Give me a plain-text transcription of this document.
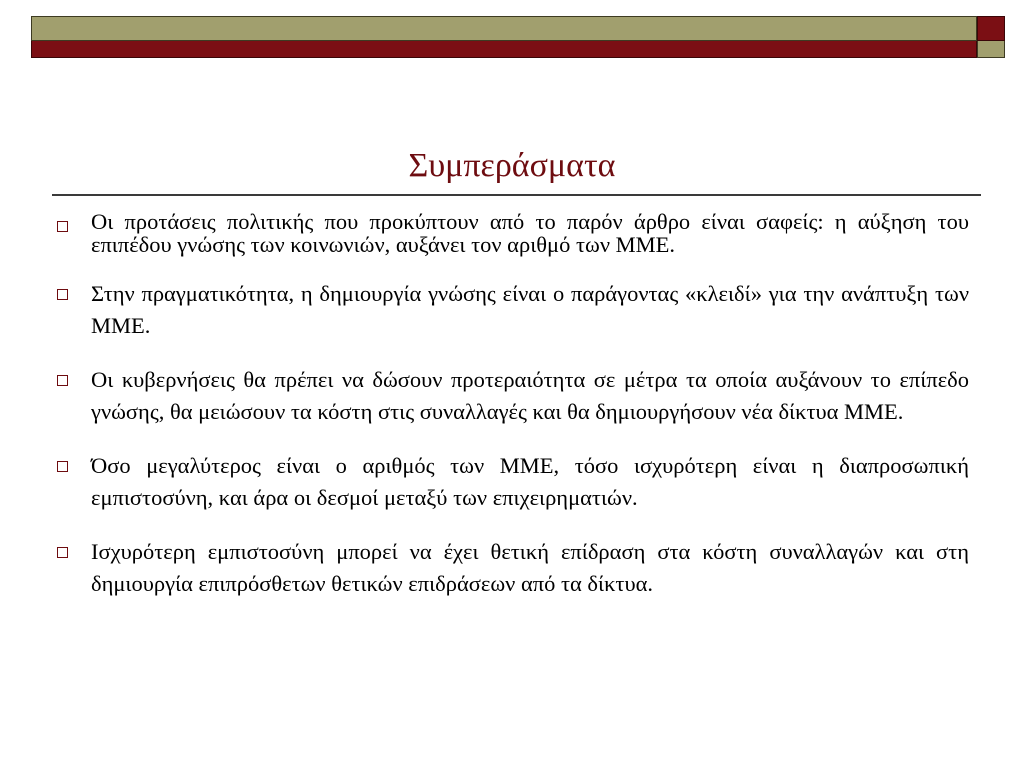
Συμπεράσματα
Οι προτάσεις πολιτικής που προκύπτουν από το παρόν άρθρο είναι σαφείς: η αύξηση του επιπέδου γνώσης των κοινωνιών, αυξάνει τον αριθμό των ΜΜΕ.
Στην πραγματικότητα, η δημιουργία γνώσης είναι ο παράγοντας «κλειδί» για την ανάπτυξη των ΜΜΕ.
Οι κυβερνήσεις θα πρέπει να δώσουν προτεραιότητα σε μέτρα τα οποία αυξάνουν το επίπεδο γνώσης, θα μειώσουν τα κόστη στις συναλλαγές και θα δημιουργήσουν νέα δίκτυα ΜΜΕ.
Όσο μεγαλύτερος είναι ο αριθμός των ΜΜΕ, τόσο ισχυρότερη είναι η διαπροσωπική εμπιστοσύνη, και άρα οι δεσμοί μεταξύ των επιχειρηματιών.
Ισχυρότερη εμπιστοσύνη μπορεί να έχει θετική επίδραση στα κόστη συναλλαγών και στη δημιουργία επιπρόσθετων θετικών επιδράσεων από τα δίκτυα.
